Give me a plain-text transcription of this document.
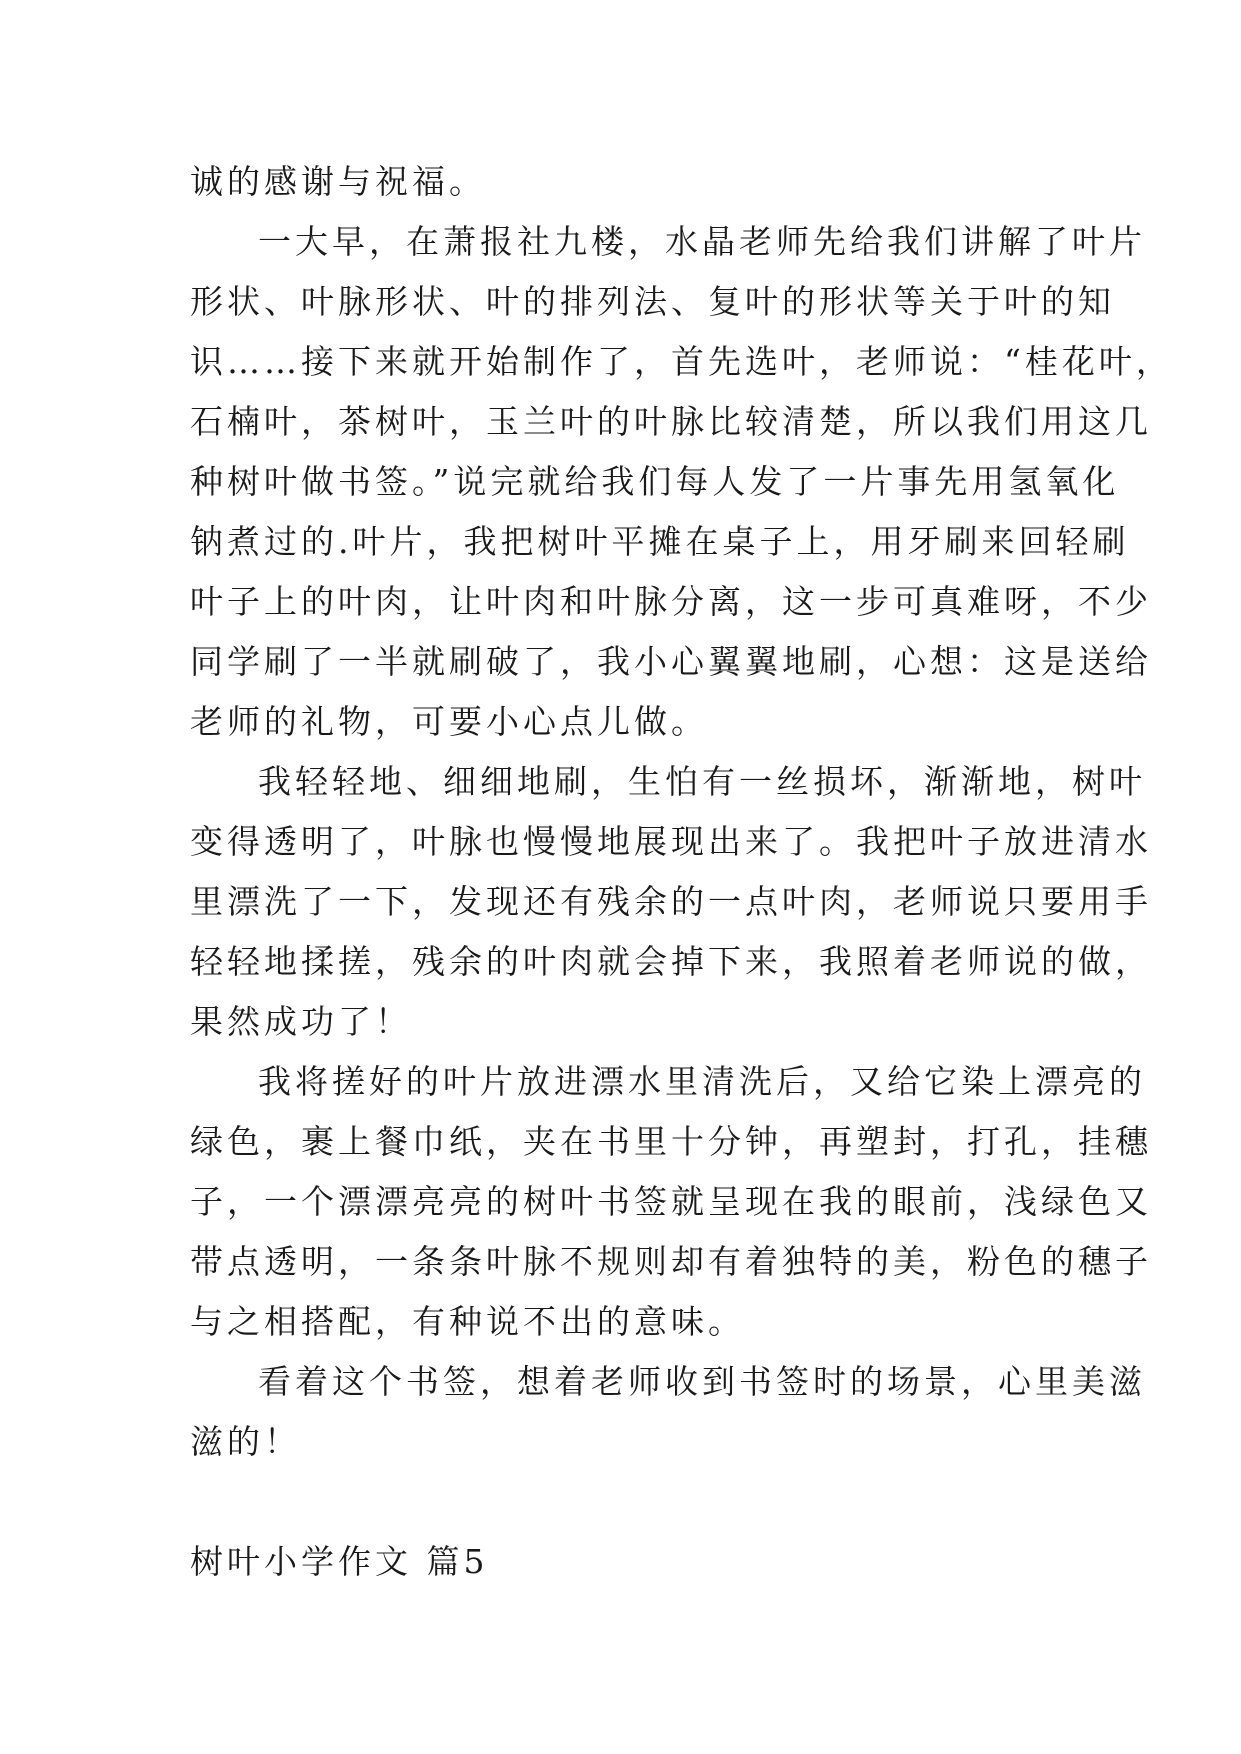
诚的感谢与祝福。
一大早，在萧报社九楼，水晶老师先给我们讲解了叶片
形状、叶脉形状、叶的排列法、复叶的形状等关于叶的知
识……接下来就开始制作了，首先选叶，老师说：“桂花叶，
石楠叶，茶树叶，玉兰叶的叶脉比较清楚，所以我们用这几
种树叶做书签。”说完就给我们每人发了一片事先用氢氧化
钠煮过的.叶片，我把树叶平摊在桌子上，用牙刷来回轻刷
叶子上的叶肉，让叶肉和叶脉分离，这一步可真难呀，不少
同学刷了一半就刷破了，我小心翼翼地刷，心想：这是送给
老师的礼物，可要小心点儿做。
我轻轻地、细细地刷，生怕有一丝损坏，渐渐地，树叶
变得透明了，叶脉也慢慢地展现出来了。我把叶子放进清水
里漂洗了一下，发现还有残余的一点叶肉，老师说只要用手
轻轻地揉搓，残余的叶肉就会掉下来，我照着老师说的做，
果然成功了！
我将搓好的叶片放进漂水里清洗后，又给它染上漂亮的
绿色，裹上餐巾纸，夹在书里十分钟，再塑封，打孔，挂穗
子，一个漂漂亮亮的树叶书签就呈现在我的眼前，浅绿色又
带点透明，一条条叶脉不规则却有着独特的美，粉色的穗子
与之相搭配，有种说不出的意味。
看着这个书签，想着老师收到书签时的场景，心里美滋
滋的！
树叶小学作文 篇5
